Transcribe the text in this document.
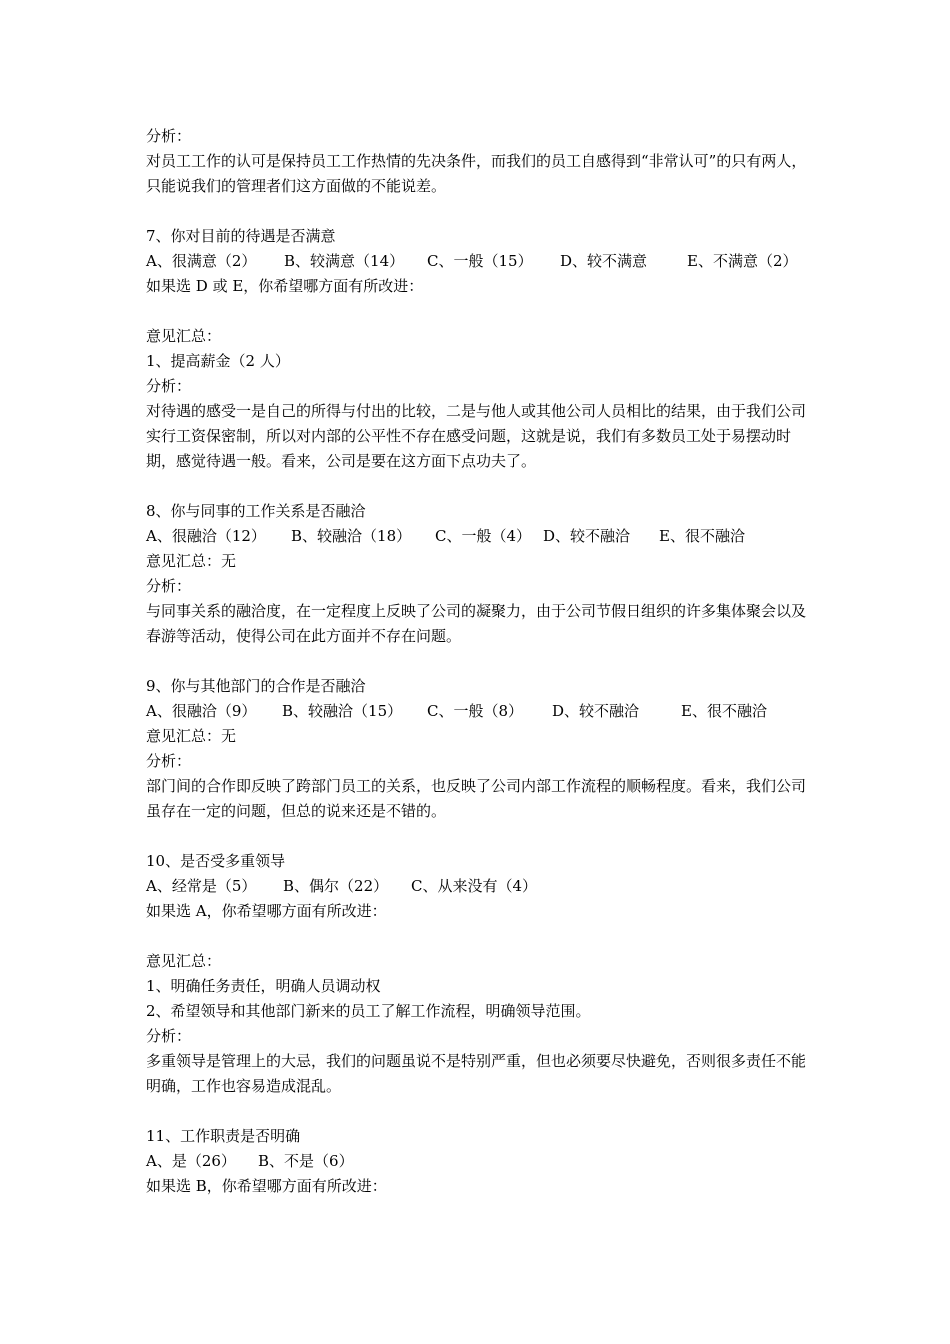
分析：
对员工工作的认可是保持员工工作热情的先决条件，而我们的员工自感得到“非常认可”的只有两人，只能说我们的管理者们这方面做的不能说差。
7、你对目前的待遇是否满意
A、很满意（2）	B、较满意（14）	C、一般（15）	D、较不满意	E、不满意（2）
如果选 D 或 E，你希望哪方面有所改进：
意见汇总：
1、提高薪金（2 人）
分析：
对待遇的感受一是自己的所得与付出的比较，二是与他人或其他公司人员相比的结果，由于我们公司实行工资保密制，所以对内部的公平性不存在感受问题，这就是说，我们有多数员工处于易摆动时期，感觉待遇一般。看来，公司是要在这方面下点功夫了。
8、你与同事的工作关系是否融洽
A、很融洽（12）	B、较融洽（18）	C、一般（4） D、较不融洽	E、很不融洽
意见汇总：无
分析：
与同事关系的融洽度，在一定程度上反映了公司的凝聚力，由于公司节假日组织的许多集体聚会以及春游等活动，使得公司在此方面并不存在问题。
9、你与其他部门的合作是否融洽
A、很融洽（9）	B、较融洽（15）	C、一般（8）	D、较不融洽	E、很不融洽
意见汇总：无
分析：
部门间的合作即反映了跨部门员工的关系，也反映了公司内部工作流程的顺畅程度。看来，我们公司虽存在一定的问题，但总的说来还是不错的。
10、是否受多重领导
A、经常是（5）	B、偶尔（22）	C、从来没有（4）
如果选 A，你希望哪方面有所改进：
意见汇总：
1、明确任务责任，明确人员调动权
2、希望领导和其他部门新来的员工了解工作流程，明确领导范围。
分析：
多重领导是管理上的大忌，我们的问题虽说不是特别严重，但也必须要尽快避免，否则很多责任不能明确，工作也容易造成混乱。
11、工作职责是否明确
A、是（26）	B、不是（6）
如果选 B，你希望哪方面有所改进：
